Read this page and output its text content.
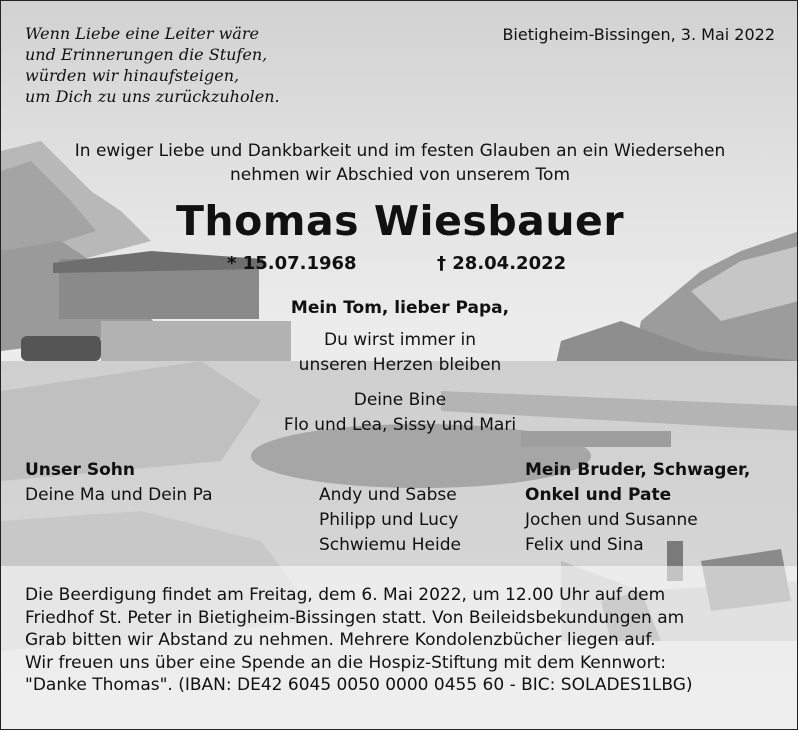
Wenn Liebe eine Leiter wäre
und Erinnerungen die Stufen,
würden wir hinaufsteigen,
um Dich zu uns zurückzuholen.
Bietigheim-Bissingen, 3. Mai 2022
In ewiger Liebe und Dankbarkeit und im festen Glauben an ein Wiedersehen
nehmen wir Abschied von unserem Tom
Thomas Wiesbauer
* 15.07.1968	† 28.04.2022
Mein Tom, lieber Papa,
Du wirst immer in
unseren Herzen bleiben
Deine Bine
Flo und Lea, Sissy und Mari
Unser Sohn
Deine Ma und Dein Pa	Andy und Sabse
Philipp und Lucy
Schwiemu Heide
Mein Bruder, Schwager,
Onkel und Pate
Jochen und Susanne
Felix und Sina
Die Beerdigung findet am Freitag, dem 6. Mai 2022, um 12.00 Uhr auf dem
Friedhof St. Peter in Bietigheim-Bissingen statt. Von Beileidsbekundungen am
Grab bitten wir Abstand zu nehmen. Mehrere Kondolenzbücher liegen auf.
Wir freuen uns über eine Spende an die Hospiz-Stiftung mit dem Kennwort:
"Danke Thomas". (IBAN: DE42 6045 0050 0000 0455 60 - BIC: SOLADES1LBG)
